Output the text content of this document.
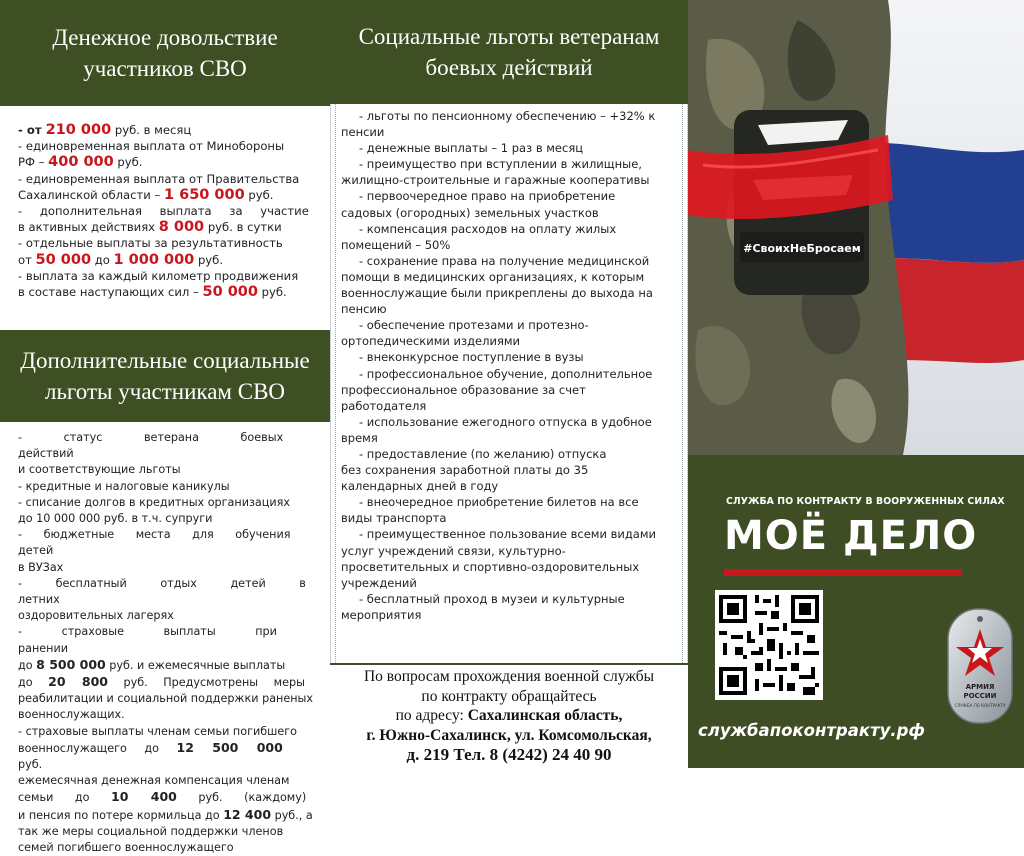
Денежное довольствие участников СВО
- от 210 000 руб. в месяц
- единовременная выплата от Минобороны
РФ – 400 000 руб.
- единовременная выплата от Правительства
Сахалинской области – 1 650 000 руб.
- дополнительная выплата за участие
в активных действиях 8 000 руб. в сутки
- отдельные выплаты за результативность
от 50 000 до 1 000 000 руб.
- выплата за каждый километр продвижения
в составе наступающих сил – 50 000 руб.
Дополнительные социальные льготы участникам СВО
- статус ветерана боевых действий
и соответствующие льготы
- кредитные и налоговые каникулы
- списание долгов в кредитных организациях
до 10 000 000 руб. в т.ч. супруги
- бюджетные места для обучения детей
в ВУЗах
- бесплатный отдых детей в летних
оздоровительных лагерях
- страховые выплаты при ранении
до 8 500 000 руб. и ежемесячные выплаты
до 20 800 руб. Предусмотрены меры
реабилитации и социальной поддержки раненых
военнослужащих.
- страховые выплаты членам семьи погибшего
военнослужащего до 12 500 000 руб.
ежемесячная денежная компенсация членам
семьи до 10 400 руб. (каждому)
и пенсия по потере кормильца до 12 400 руб., а
так же меры социальной поддержки членов
семей погибшего военнослужащего
Социальные льготы ветеранам боевых действий
- льготы по пенсионному обеспечению – +32% к
пенсии
- денежные выплаты – 1 раз в месяц
- преимущество при вступлении в жилищные,
жилищно-строительные и гаражные кооперативы
- первоочередное право на приобретение
садовых (огородных) земельных участков
- компенсация расходов на оплату жилых
помещений – 50%
- сохранение права на получение медицинской
помощи в медицинских организациях, к которым
военнослужащие были прикреплены до выхода на
пенсию
- обеспечение протезами и протезно-
ортопедическими изделиями
- внеконкурсное поступление в вузы
- профессиональное обучение, дополнительное
профессиональное образование за счет
работодателя
- использование ежегодного отпуска в удобное
время
- предоставление (по желанию) отпуска
без сохранения заработной платы до 35
календарных дней в году
- внеочередное приобретение билетов на все
виды транспорта
- преимущественное пользование всеми видами
услуг учреждений связи, культурно-
просветительных и спортивно-оздоровительных
учреждений
- бесплатный проход в музеи и культурные
мероприятия
По вопросам прохождения военной службы
по контракту обращайтесь
по адресу: Сахалинская область,
г. Южно-Сахалинск, ул. Комсомольская,
д. 219 Тел. 8 (4242) 24 40 90
#СвоихНеБросаем
СЛУЖБА ПО КОНТРАКТУ В ВООРУЖЕННЫХ СИЛАХ
МОЁ ДЕЛО
АРМИЯ
РОССИИ
СЛУЖБА ПО КОНТРАКТУ
службапоконтракту.рф
